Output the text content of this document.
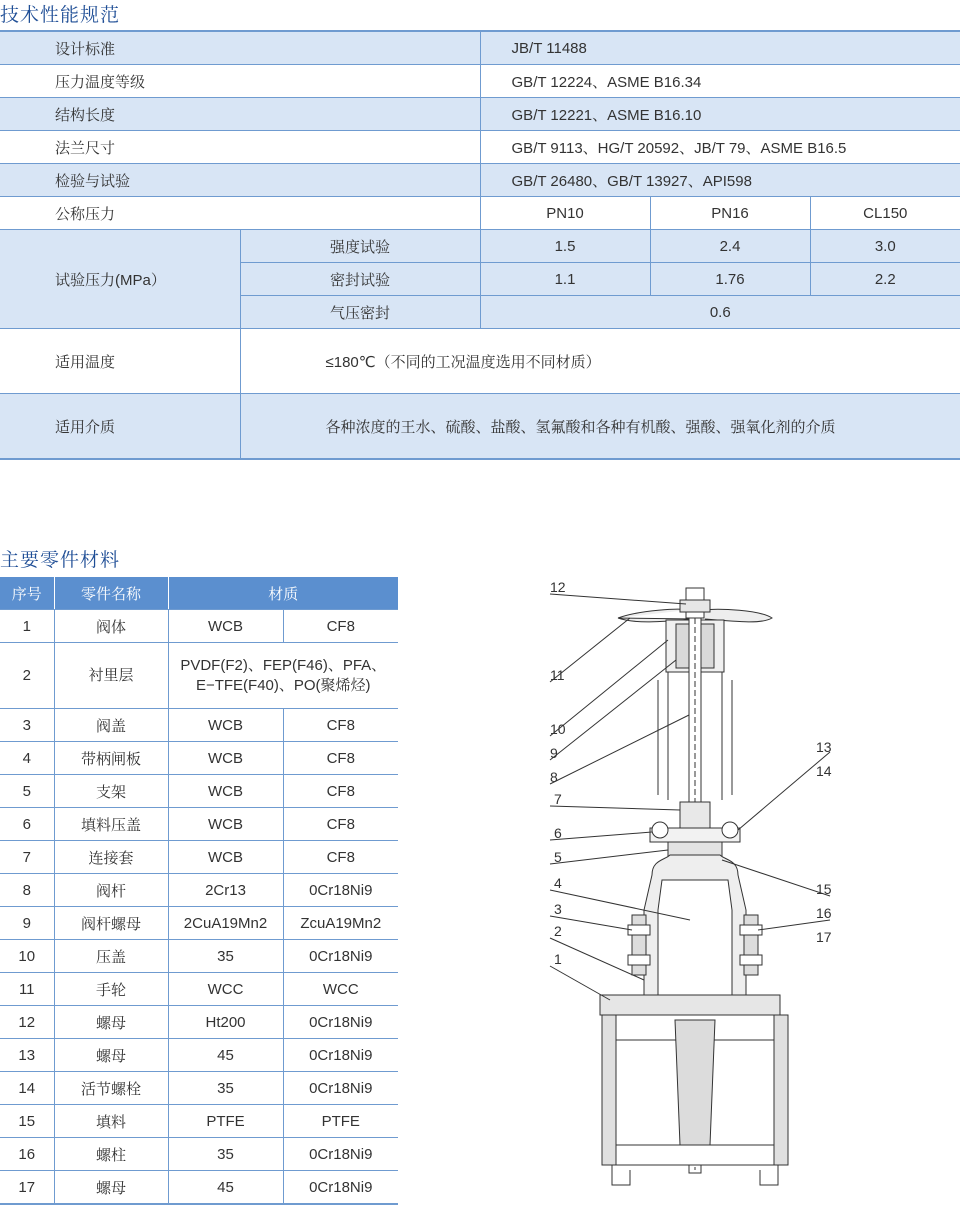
技术性能规范
设计标准		JB/T 11488		
压力温度等级		GB/T 12224、ASME B16.34		
结构长度		GB/T 12221、ASME B16.10		
法兰尺寸		GB/T 9113、HG/T 20592、JB/T 79、ASME B16.5		
检验与试验		GB/T 26480、GB/T 13927、API598		
公称压力		PN10	PN16	CL150
试验压力(MPa）	强度试验	1.5	2.4	3.0
	密封试验	1.1	1.76	2.2
	气压密封	0.6		
适用温度	≤180℃（不同的工况温度选用不同材质）			
适用介质	各种浓度的王水、硫酸、盐酸、氢氟酸和各种有机酸、强酸、强氧化剂的介质			
主要零件材料
序号	零件名称	材质	
1	阀体	WCB	CF8
2	衬里层	PVDF(F2)、FEP(F46)、PFA、
E−TFE(F40)、PO(聚烯烃)	

3	阀盖	WCB	CF8
4	带柄闸板	WCB	CF8
5	支架	WCB	CF8
6	填料压盖	WCB	CF8
7	连接套	WCB	CF8
8	阀杆	2Cr13	0Cr18Ni9
9	阀杆螺母	2CuA19Mn2	ZcuA19Mn2
10	压盖	35	0Cr18Ni9
11	手轮	WCC	WCC
12	螺母	Ht200	0Cr18Ni9
13	螺母	45	0Cr18Ni9
14	活节螺栓	35	0Cr18Ni9
15	填料	PTFE	PTFE
16	螺柱	35	0Cr18Ni9
17	螺母	45	0Cr18Ni9
12
11
10
9
8
7
6
5
4
3
2
1
13
14
15
16
17
